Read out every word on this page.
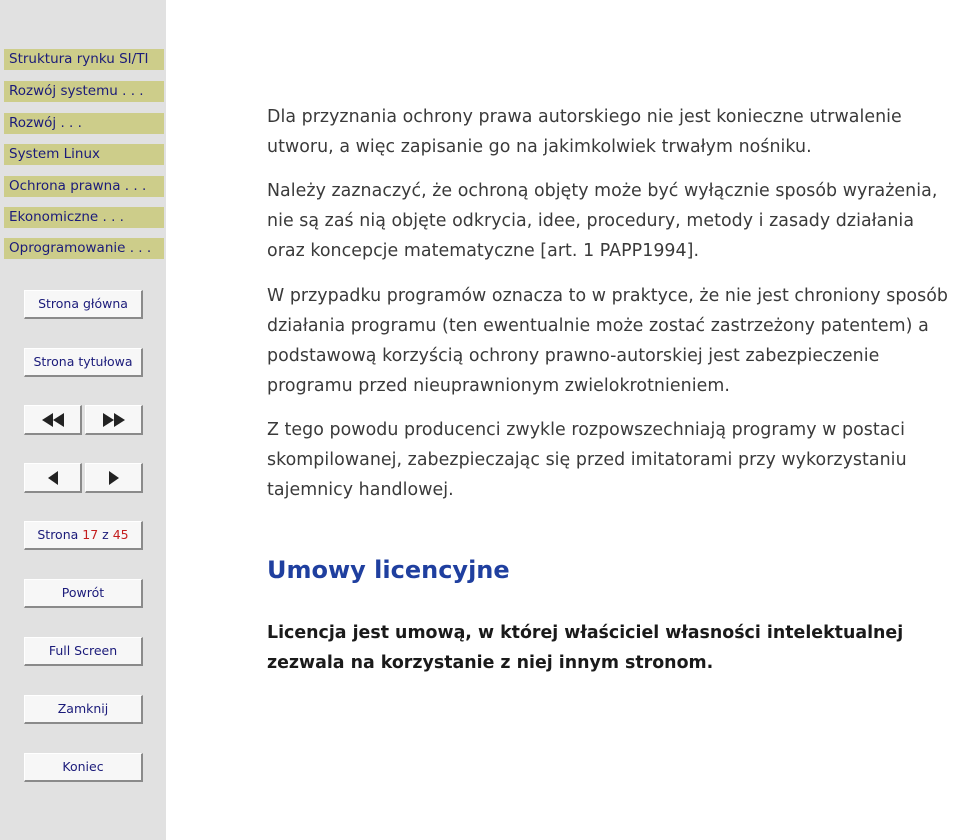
Struktura rynku SI/TI
Rozwój systemu . . .
Rozwój . . .
System Linux
Ochrona prawna . . .
Ekonomiczne . . .
Oprogramowanie . . .
Strona główna
Strona tytułowa
Strona 17 z 45
Powrót
Full Screen
Zamknij
Koniec

Dla przyznania ochrony prawa autorskiego nie jest konieczne utrwalenie utworu, a więc zapisanie go na jakimkolwiek trwałym nośniku.

Należy zaznaczyć, że ochroną objęty może być wyłącznie sposób wyrażenia, nie są zaś nią objęte odkrycia, idee, procedury, metody i zasady działania oraz koncepcje matematyczne [art. 1 PAPP1994].

W przypadku programów oznacza to w praktyce, że nie jest chroniony sposób działania programu (ten ewentualnie może zostać zastrzeżony patentem) a podstawową korzyścią ochrony prawno-autorskiej jest zabezpieczenie programu przed nieuprawnionym zwielokrotnieniem.

Z tego powodu producenci zwykle rozpowszechniają programy w postaci skompilowanej, zabezpieczając się przed imitatorami przy wykorzystaniu tajemnicy handlowej.

Umowy licencyjne

Licencja jest umową, w której właściciel własności intelektualnej zezwala na korzystanie z niej innym stronom.
